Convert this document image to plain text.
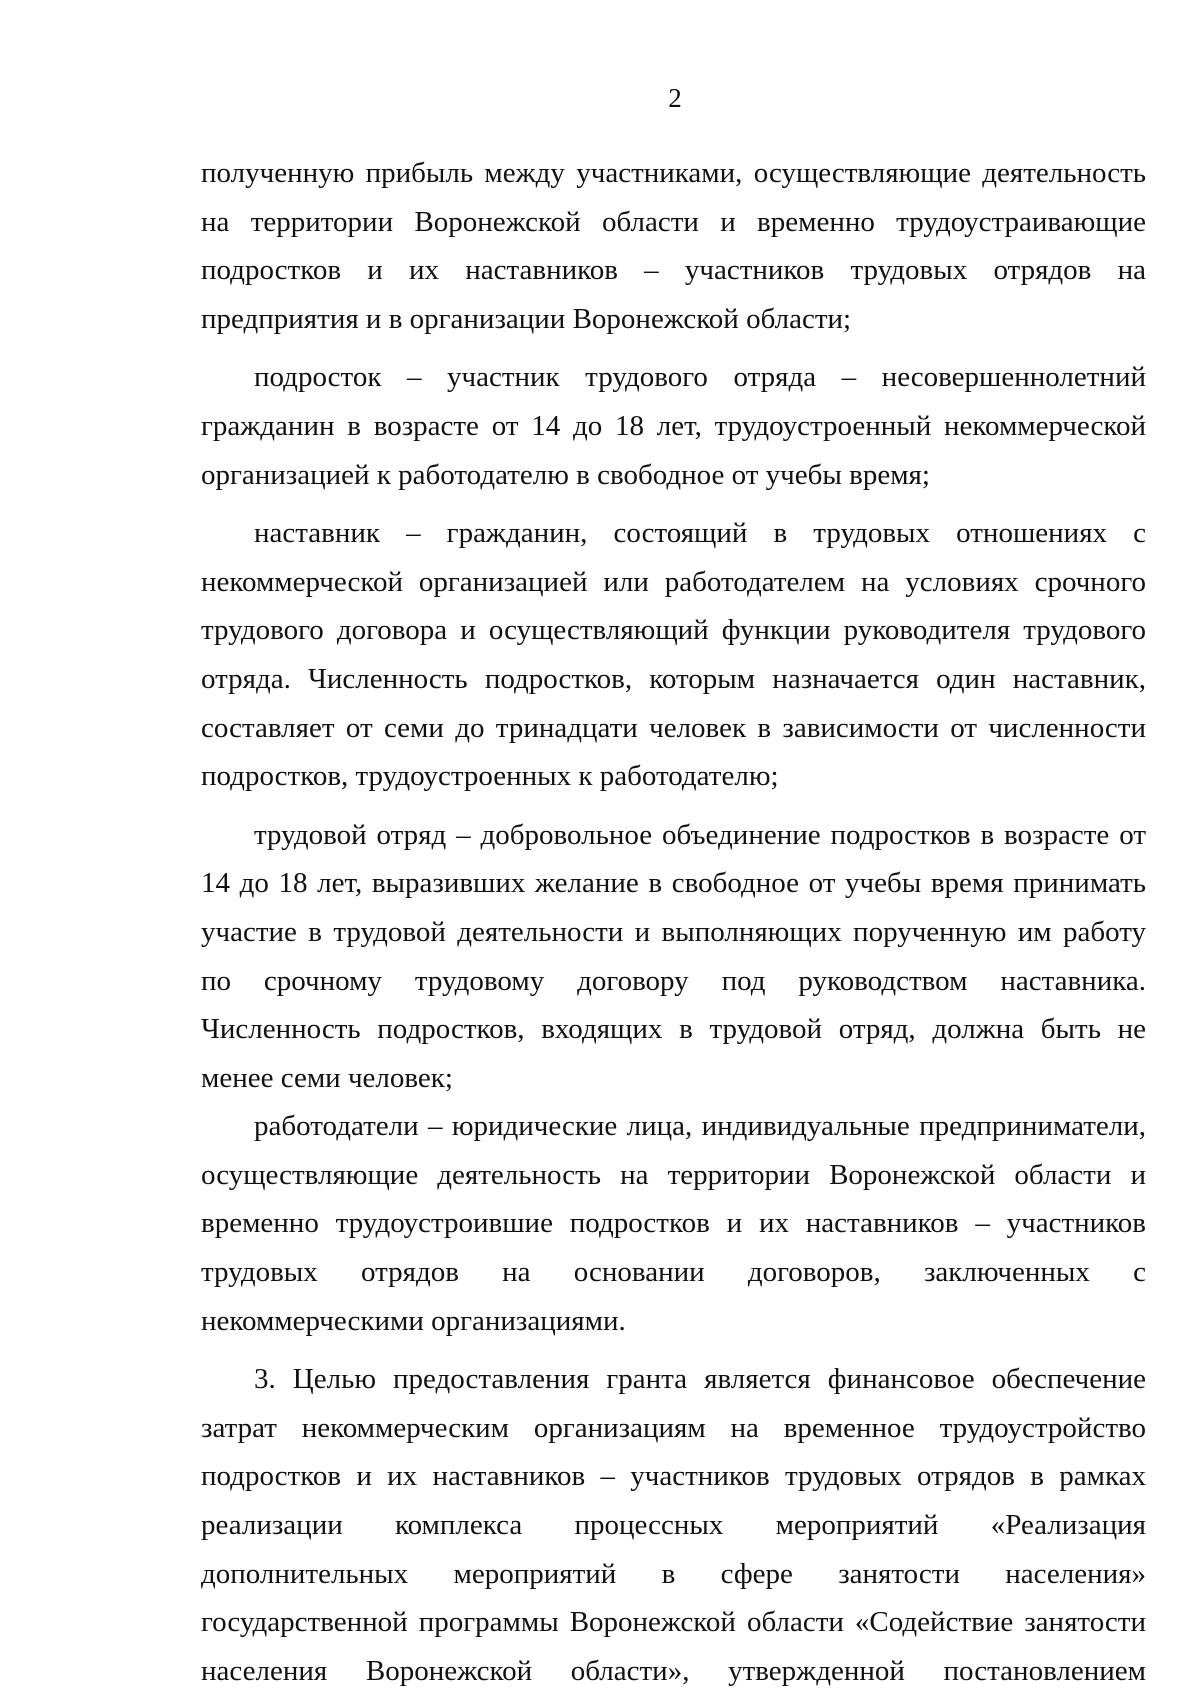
2

полученную прибыль между участниками, осуществляющие деятельность на территории Воронежской области и временно трудоустраивающие подростков и их наставников – участников трудовых отрядов на предприятия и в организации Воронежской области;

подросток – участник трудового отряда – несовершеннолетний гражданин в возрасте от 14 до 18 лет, трудоустроенный некоммерческой организацией к работодателю в свободное от учебы время;

наставник – гражданин, состоящий в трудовых отношениях с некоммерческой организацией или работодателем на условиях срочного трудового договора и осуществляющий функции руководителя трудового отряда. Численность подростков, которым назначается один наставник, составляет от семи до тринадцати человек в зависимости от численности подростков, трудоустроенных к работодателю;

трудовой отряд – добровольное объединение подростков в возрасте от 14 до 18 лет, выразивших желание в свободное от учебы время принимать участие в трудовой деятельности и выполняющих порученную им работу по срочному трудовому договору под руководством наставника. Численность подростков, входящих в трудовой отряд, должна быть не менее семи человек;

работодатели – юридические лица, индивидуальные предприниматели, осуществляющие деятельность на территории Воронежской области и временно трудоустроившие подростков и их наставников – участников трудовых отрядов на основании договоров, заключенных с некоммерческими организациями.

3. Целью предоставления гранта является финансовое обеспечение затрат некоммерческим организациям на временное трудоустройство подростков и их наставников – участников трудовых отрядов в рамках реализации комплекса процессных мероприятий «Реализация дополнительных мероприятий в сфере занятости населения» государственной программы Воронежской области «Содействие занятости населения Воронежской области», утвержденной постановлением
